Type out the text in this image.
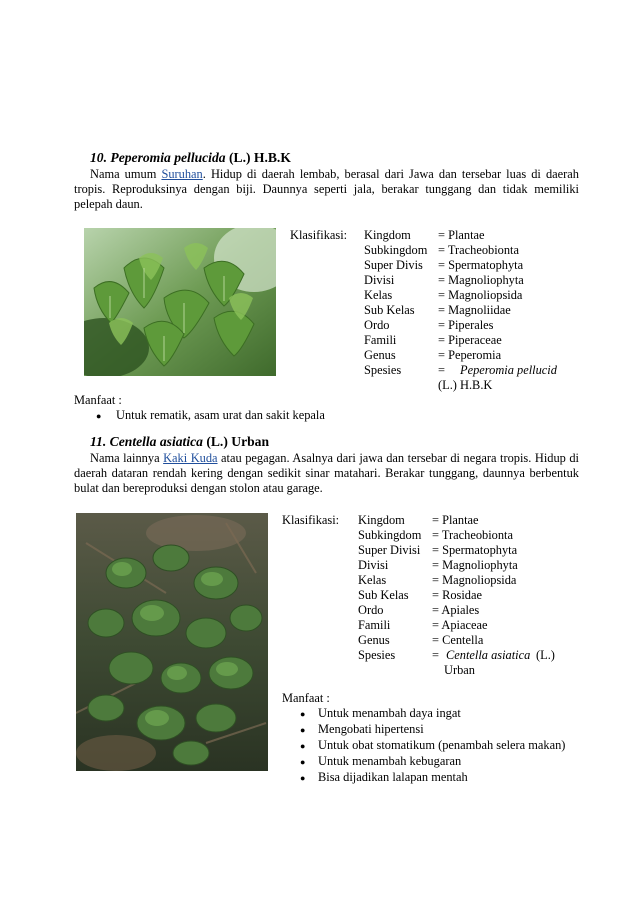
10. Peperomia pellucida (L.) H.B.K
Nama umum Suruhan. Hidup di daerah lembab, berasal dari Jawa dan tersebar luas di daerah tropis. Reproduksinya dengan biji. Daunnya seperti jala, berakar tunggang dan tidak memiliki pelepah daun.
Klasifikasi: Kingdom = Plantae
Subkingdom = Tracheobionta
Super Divis = Spermatophyta
Divisi	= Magnoliophyta
Kelas	= Magnoliopsida
Sub Kelas = Magnoliidae
Ordo	= Piperales
Famili	= Piperaceae
Genus	= Peperomia
Spesies	= Peperomia pellucid
(L.) H.B.K
Manfaat :
● Untuk rematik, asam urat dan sakit kepala
11. Centella asiatica (L.) Urban
Nama lainnya Kaki Kuda atau pegagan. Asalnya dari jawa dan tersebar di negara tropis. Hidup di daerah dataran rendah kering dengan sedikit sinar matahari. Berakar tunggang, daunnya berbentuk bulat dan bereproduksi dengan stolon atau garage.
Klasifikasi: Kingdom = Plantae
Subkingdom = Tracheobionta
Super Divisi = Spermatophyta
Divisi	= Magnoliophyta
Kelas	= Magnoliopsida
Sub Kelas = Rosidae
Ordo	= Apiales
Famili	= Apiaceae
Genus	= Centella
Spesies	= Centella asiatica (L.)
Urban
Manfaat :
● Untuk menambah daya ingat
● Mengobati hipertensi
● Untuk obat stomatikum (penambah selera makan)
● Untuk menambah kebugaran
● Bisa dijadikan lalapan mentah
